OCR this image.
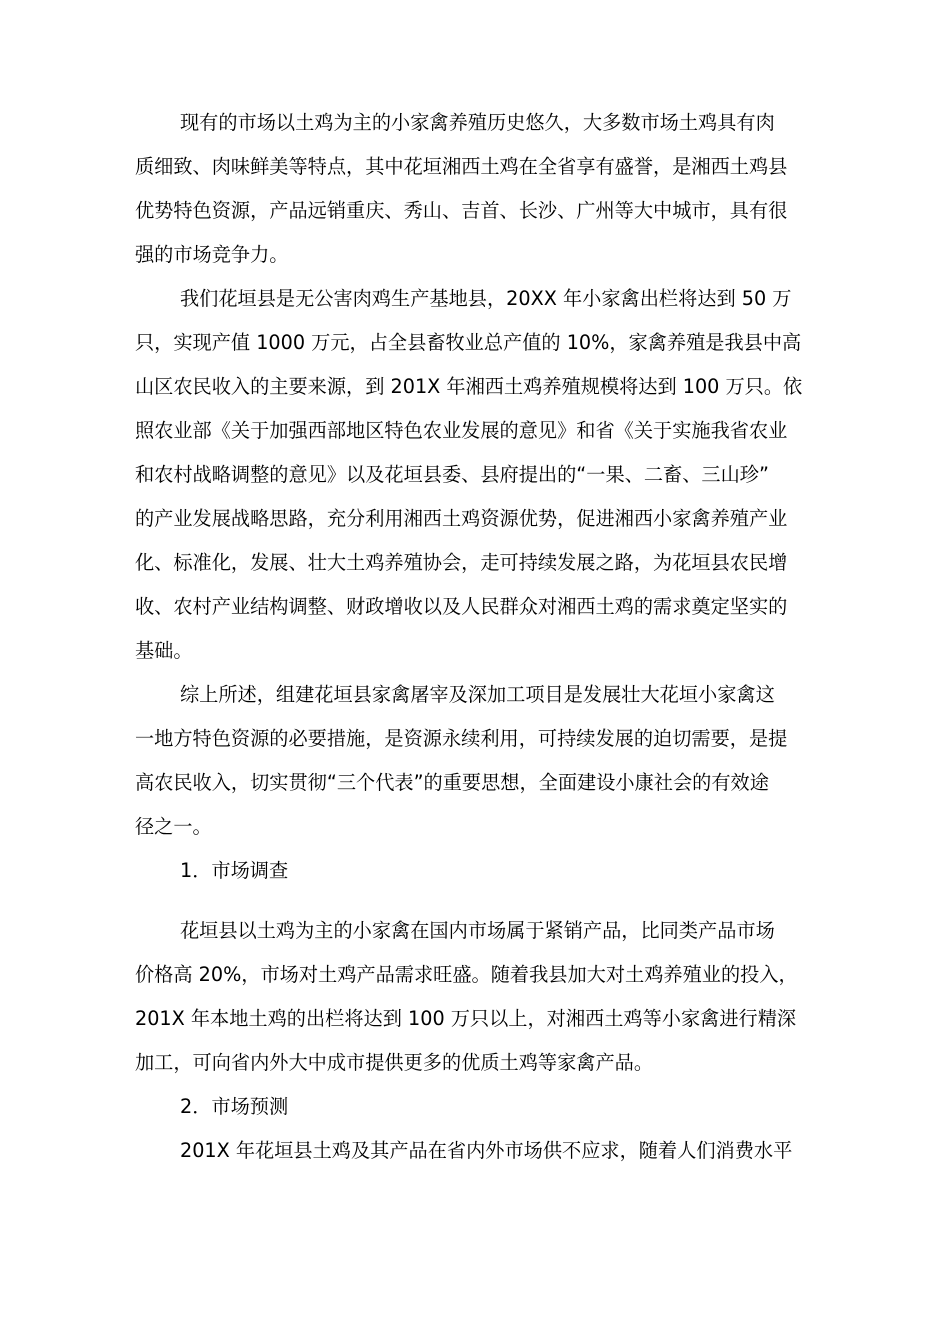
现有的市场以土鸡为主的小家禽养殖历史悠久，大多数市场土鸡具有肉
质细致、肉味鲜美等特点，其中花垣湘西土鸡在全省享有盛誉，是湘西土鸡县
优势特色资源，产品远销重庆、秀山、吉首、长沙、广州等大中城市，具有很
强的市场竞争力。
我们花垣县是无公害肉鸡生产基地县，20XX 年小家禽出栏将达到 50 万
只，实现产值 1000 万元，占全县畜牧业总产值的 10%，家禽养殖是我县中高
山区农民收入的主要来源，到 201X 年湘西土鸡养殖规模将达到 100 万只。依
照农业部《关于加强西部地区特色农业发展的意见》和省《关于实施我省农业
和农村战略调整的意见》以及花垣县委、县府提出的“一果、二畜、三山珍”
的产业发展战略思路，充分利用湘西土鸡资源优势，促进湘西小家禽养殖产业
化、标准化，发展、壮大土鸡养殖协会，走可持续发展之路，为花垣县农民增
收、农村产业结构调整、财政增收以及人民群众对湘西土鸡的需求奠定坚实的
基础。
综上所述，组建花垣县家禽屠宰及深加工项目是发展壮大花垣小家禽这
一地方特色资源的必要措施，是资源永续利用，可持续发展的迫切需要，是提
高农民收入，切实贯彻“三个代表”的重要思想，全面建设小康社会的有效途
径之一。
1．市场调查
花垣县以土鸡为主的小家禽在国内市场属于紧销产品，比同类产品市场
价格高 20%，市场对土鸡产品需求旺盛。随着我县加大对土鸡养殖业的投入，
201X 年本地土鸡的出栏将达到 100 万只以上，对湘西土鸡等小家禽进行精深
加工，可向省内外大中成市提供更多的优质土鸡等家禽产品。
2．市场预测
201X 年花垣县土鸡及其产品在省内外市场供不应求，随着人们消费水平
